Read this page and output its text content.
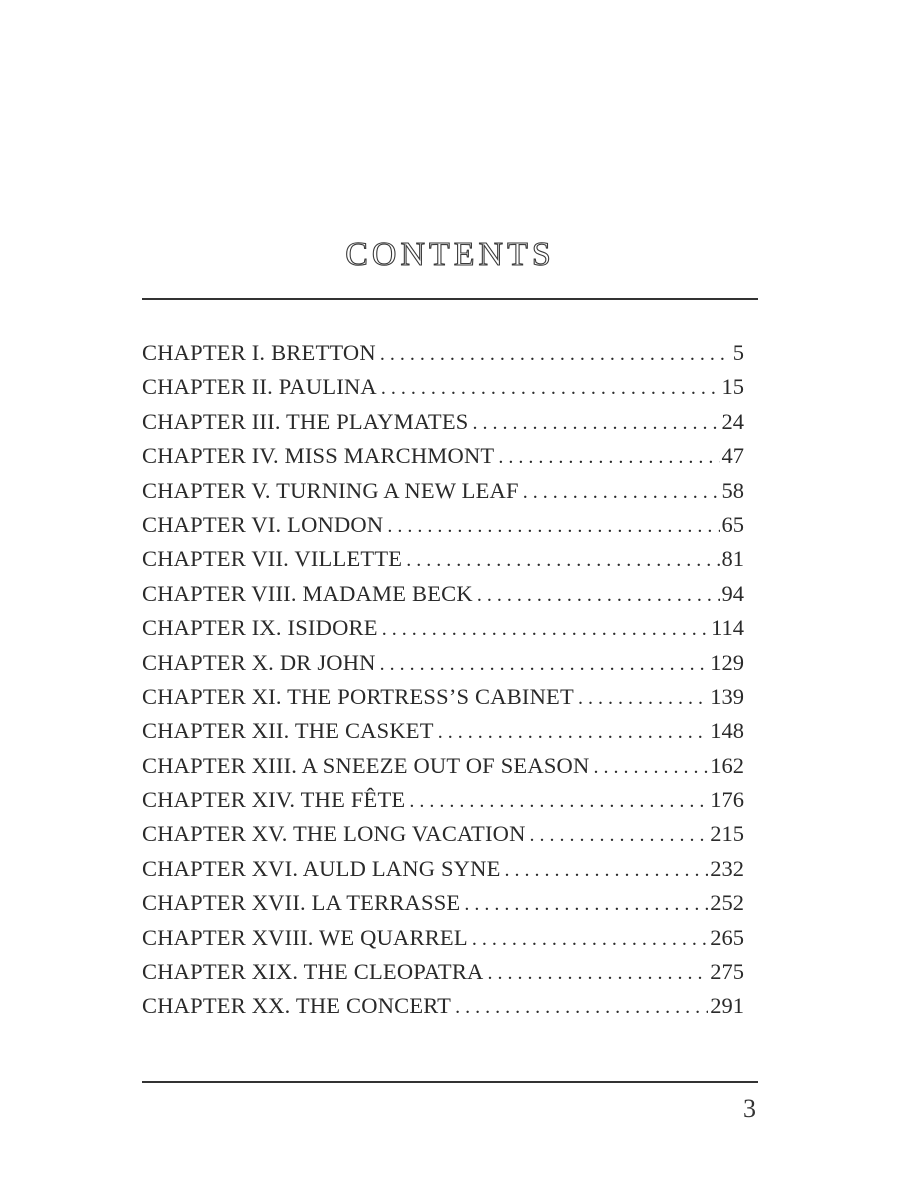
CONTENTS
CHAPTER I. BRETTON . . .	5
CHAPTER II. PAULINA . . .	15
CHAPTER III. THE PLAYMATES . . .	24
CHAPTER IV. MISS MARCHMONT . . .	47
CHAPTER V. TURNING A NEW LEAF . . .	58
CHAPTER VI. LONDON . . .	65
CHAPTER VII. VILLETTE . . .	81
CHAPTER VIII. MADAME BECK . . .	94
CHAPTER IX. ISIDORE . . .	114
CHAPTER X. DR JOHN . . .	129
CHAPTER XI. THE PORTRESS’S CABINET . . .	139
CHAPTER XII. THE CASKET . . .	148
CHAPTER XIII. A SNEEZE OUT OF SEASON . . .	162
CHAPTER XIV. THE FÊTE . . .	176
CHAPTER XV. THE LONG VACATION . . .	215
CHAPTER XVI. AULD LANG SYNE . . .	232
CHAPTER XVII. LA TERRASSE . . .	252
CHAPTER XVIII. WE QUARREL . . .	265
CHAPTER XIX. THE CLEOPATRA . . .	275
CHAPTER XX. THE CONCERT . . .	291
3
